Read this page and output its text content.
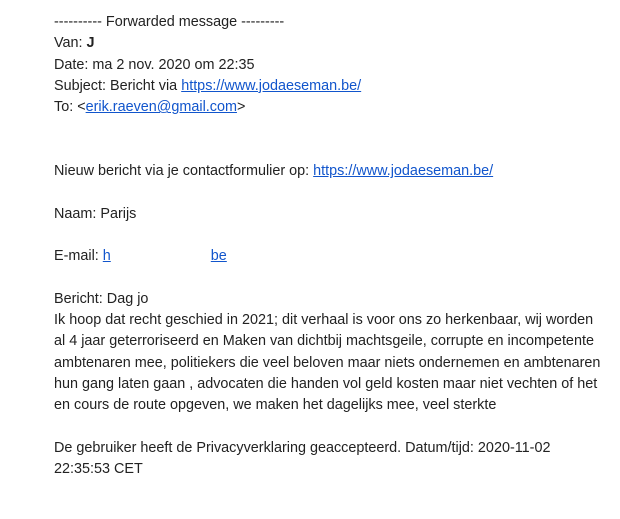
---------- Forwarded message ---------
Van: J
Date: ma 2 nov. 2020 om 22:35
Subject: Bericht via https://www.jodaeseman.be/
To: <erik.raeven@gmail.com>
Nieuw bericht via je contactformulier op: https://www.jodaeseman.be/
Naam: Parijs
E-mail: h	be
Bericht: Dag jo
Ik hoop dat recht geschied in 2021; dit verhaal is voor ons zo herkenbaar, wij worden al 4 jaar geterroriseerd en Maken van dichtbij machtsgeile, corrupte en incompetente ambtenaren mee, politiekers die veel beloven maar niets ondernemen en ambtenaren hun gang laten gaan , advocaten die handen vol geld kosten maar niet vechten of het en cours de route opgeven, we maken het dagelijks mee, veel sterkte
De gebruiker heeft de Privacyverklaring geaccepteerd. Datum/tijd: 2020-11-02 22:35:53 CET
